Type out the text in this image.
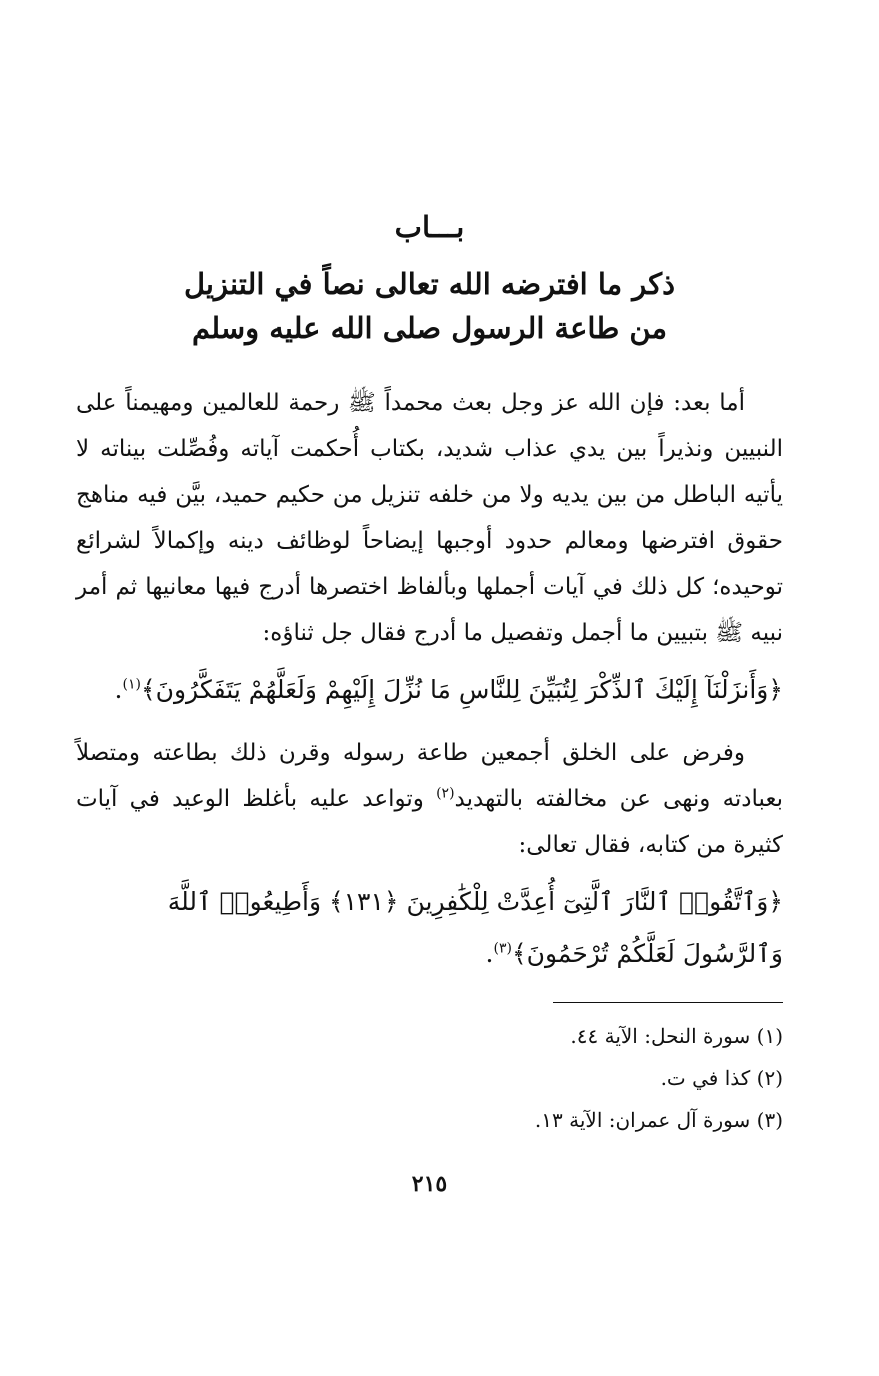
بـــاب
ذكر ما افترضه الله تعالى نصاً في التنزيل
من طاعة الرسول صلى الله عليه وسلم

أما بعد: فإن الله عز وجل بعث محمداً ﷺ رحمة للعالمين ومهيمناً على النبيين ونذيراً بين يدي عذاب شديد، بكتاب أُحكمت آياته وفُصِّلت بيناته لا يأتيه الباطل من بين يديه ولا من خلفه تنزيل من حكيم حميد، بيَّن فيه مناهج حقوق افترضها ومعالم حدود أوجبها إيضاحاً لوظائف دينه وإكمالاً لشرائع توحيده؛ كل ذلك في آيات أجملها وبألفاظ اختصرها أدرج فيها معانيها ثم أمر نبيه ﷺ بتبيين ما أجمل وتفصيل ما أدرج فقال جل ثناؤه:

﴿وَأَنزَلْنَآ إِلَيْكَ ٱلذِّكْرَ لِتُبَيِّنَ لِلنَّاسِ مَا نُزِّلَ إِلَيْهِمْ وَلَعَلَّهُمْ يَتَفَكَّرُونَ﴾$^{(١)}$.

وفرض على الخلق أجمعين طاعة رسوله وقرن ذلك بطاعته ومتصلاً بعبادته ونهى عن مخالفته بالتهديد$^{(٢)}$ وتواعد عليه بأغلظ الوعيد في آيات كثيرة من كتابه، فقال تعالى:

﴿وَٱتَّقُوا۟ ٱلنَّارَ ٱلَّتِىٓ أُعِدَّتْ لِلْكَٰفِرِينَ ﴿١٣١﴾ وَأَطِيعُوا۟ ٱللَّهَ وَٱلرَّسُولَ لَعَلَّكُمْ تُرْحَمُونَ﴾$^{(٣)}$.

(١) سورة النحل: الآية ٤٤.
(٢) كذا في ت.
(٣) سورة آل عمران: الآية ١٣.
٢١٥
